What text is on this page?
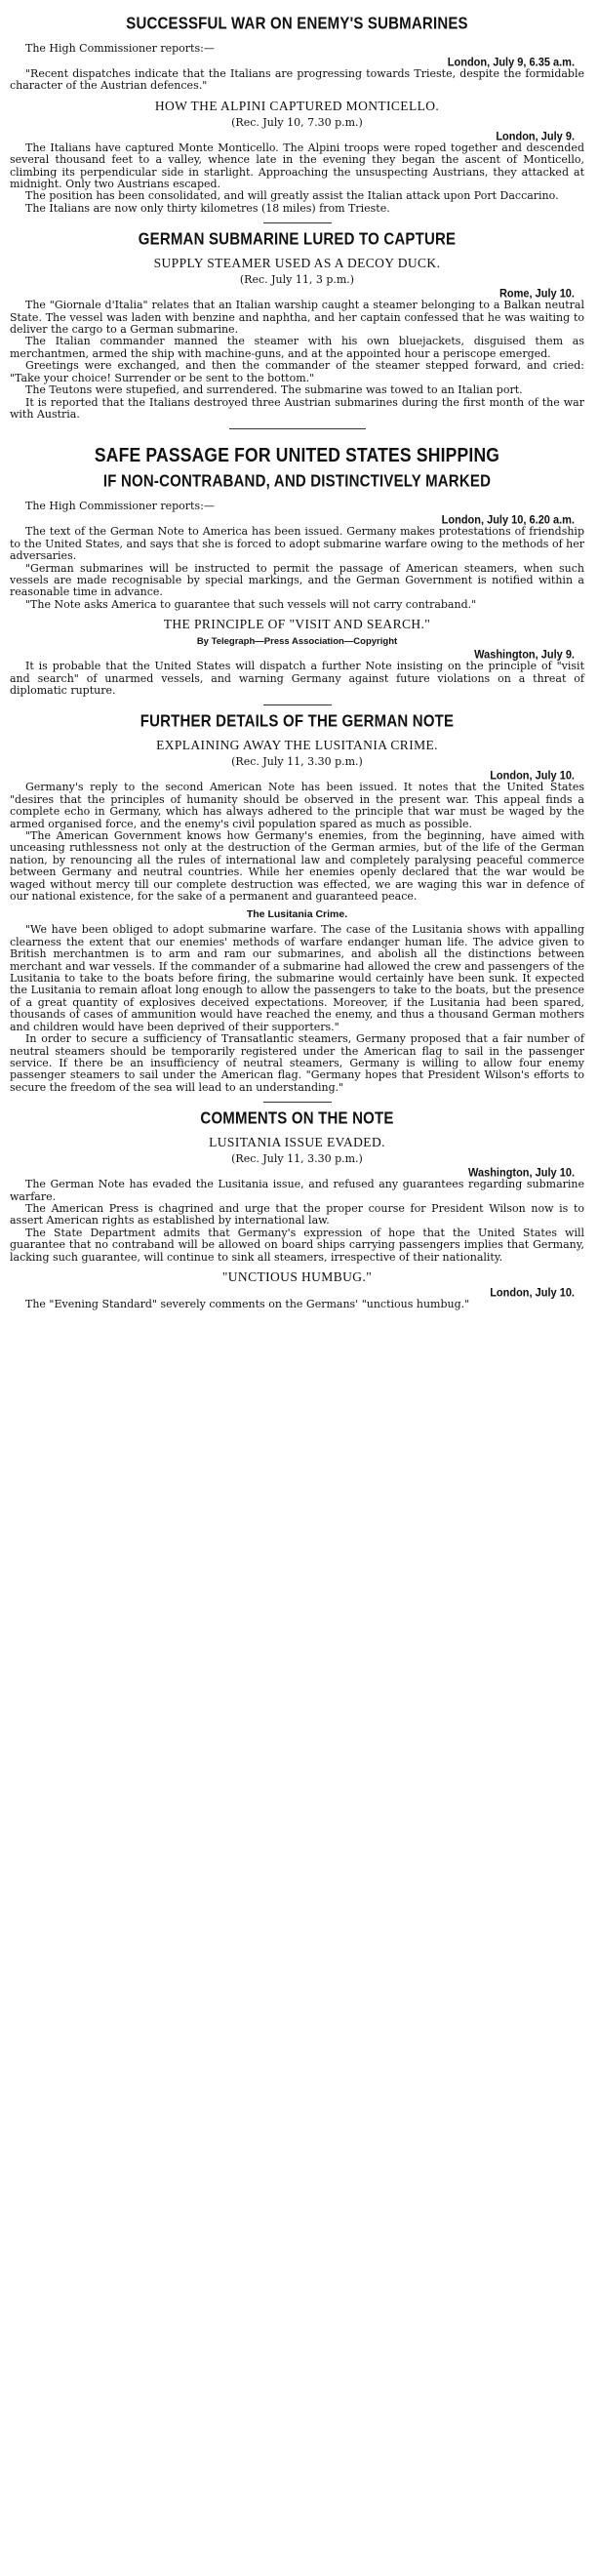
SUCCESSFUL WAR ON ENEMY'S SUBMARINES
The High Commissioner reports:—
London, July 9, 6.35 a.m.

"Recent dispatches indicate that the Italians are progressing towards Trieste, despite the formidable character of the Austrian defences."

HOW THE ALPINI CAPTURED MONTICELLO.
(Rec. July 10, 7.30 p.m.)
London, July 9.

The Italians have captured Monte Monticello. The Alpini troops were roped together and descended several thousand feet to a valley, whence late in the evening they began the ascent of Monticello, climbing its perpendicular side in starlight. Approaching the unsuspecting Austrians, they attacked at midnight. Only two Austrians escaped.

The position has been consolidated, and will greatly assist the Italian attack upon Port Daccarino.

The Italians are now only thirty kilometres (18 miles) from Trieste.

GERMAN SUBMARINE LURED TO CAPTURE
SUPPLY STEAMER USED AS A DECOY DUCK.
(Rec. July 11, 3 p.m.)
Rome, July 10.

The "Giornale d'Italia" relates that an Italian warship caught a steamer belonging to a Balkan neutral State. The vessel was laden with benzine and naphtha, and her captain confessed that he was waiting to deliver the cargo to a German submarine.

The Italian commander manned the steamer with his own bluejackets, disguised them as merchantmen, armed the ship with machine-guns, and at the appointed hour a periscope emerged.

Greetings were exchanged, and then the commander of the steamer stepped forward, and cried: "Take your choice! Surrender or be sent to the bottom."

The Teutons were stupefied, and surrendered. The submarine was towed to an Italian port.

It is reported that the Italians destroyed three Austrian submarines during the first month of the war with Austria.

SAFE PASSAGE FOR UNITED STATES SHIPPING
IF NON-CONTRABAND, AND DISTINCTIVELY MARKED
The High Commissioner reports:—
London, July 10, 6.20 a.m.

The text of the German Note to America has been issued. Germany makes protestations of friendship to the United States, and says that she is forced to adopt submarine warfare owing to the methods of her adversaries.

"German submarines will be instructed to permit the passage of American steamers, when such vessels are made recognisable by special markings, and the German Government is notified within a reasonable time in advance.

"The Note asks America to guarantee that such vessels will not carry contraband."

THE PRINCIPLE OF "VISIT AND SEARCH."
By Telegraph—Press Association—Copyright
Washington, July 9.

It is probable that the United States will dispatch a further Note insisting on the principle of "visit and search" of unarmed vessels, and warning Germany against future violations on a threat of diplomatic rupture.

FURTHER DETAILS OF THE GERMAN NOTE
EXPLAINING AWAY THE LUSITANIA CRIME.
(Rec. July 11, 3.30 p.m.)
London, July 10.

Germany's reply to the second American Note has been issued. It notes that the United States "desires that the principles of humanity should be observed in the present war. This appeal finds a complete echo in Germany, which has always adhered to the principle that war must be waged by the armed organised force, and the enemy's civil population spared as much as possible.

"The American Government knows how Germany's enemies, from the beginning, have aimed with unceasing ruthlessness not only at the destruction of the German armies, but of the life of the German nation, by renouncing all the rules of international law and completely paralysing peaceful commerce between Germany and neutral countries. While her enemies openly declared that the war would be waged without mercy till our complete destruction was effected, we are waging this war in defence of our national existence, for the sake of a permanent and guaranteed peace.

The Lusitania Crime.

"We have been obliged to adopt submarine warfare. The case of the Lusitania shows with appalling clearness the extent that our enemies' methods of warfare endanger human life. The advice given to British merchantmen is to arm and ram our submarines, and abolish all the distinctions between merchant and war vessels. If the commander of a submarine had allowed the crew and passengers of the Lusitania to take to the boats before firing, the submarine would certainly have been sunk. It expected the Lusitania to remain afloat long enough to allow the passengers to take to the boats, but the presence of a great quantity of explosives deceived expectations. Moreover, if the Lusitania had been spared, thousands of cases of ammunition would have reached the enemy, and thus a thousand German mothers and children would have been deprived of their supporters."

In order to secure a sufficiency of Transatlantic steamers, Germany proposed that a fair number of neutral steamers should be temporarily registered under the American flag to sail in the passenger service. If there be an insufficiency of neutral steamers, Germany is willing to allow four enemy passenger steamers to sail under the American flag. "Germany hopes that President Wilson's efforts to secure the freedom of the sea will lead to an understanding."

COMMENTS ON THE NOTE
LUSITANIA ISSUE EVADED.
(Rec. July 11, 3.30 p.m.)
Washington, July 10.

The German Note has evaded the Lusitania issue, and refused any guarantees regarding submarine warfare.

The American Press is chagrined and urge that the proper course for President Wilson now is to assert American rights as established by international law.

The State Department admits that Germany's expression of hope that the United States will guarantee that no contraband will be allowed on board ships carrying passengers implies that Germany, lacking such guarantee, will continue to sink all steamers, irrespective of their nationality.

"UNCTIOUS HUMBUG."
London, July 10.

The "Evening Standard" severely comments on the Germans' "unctious humbug."
